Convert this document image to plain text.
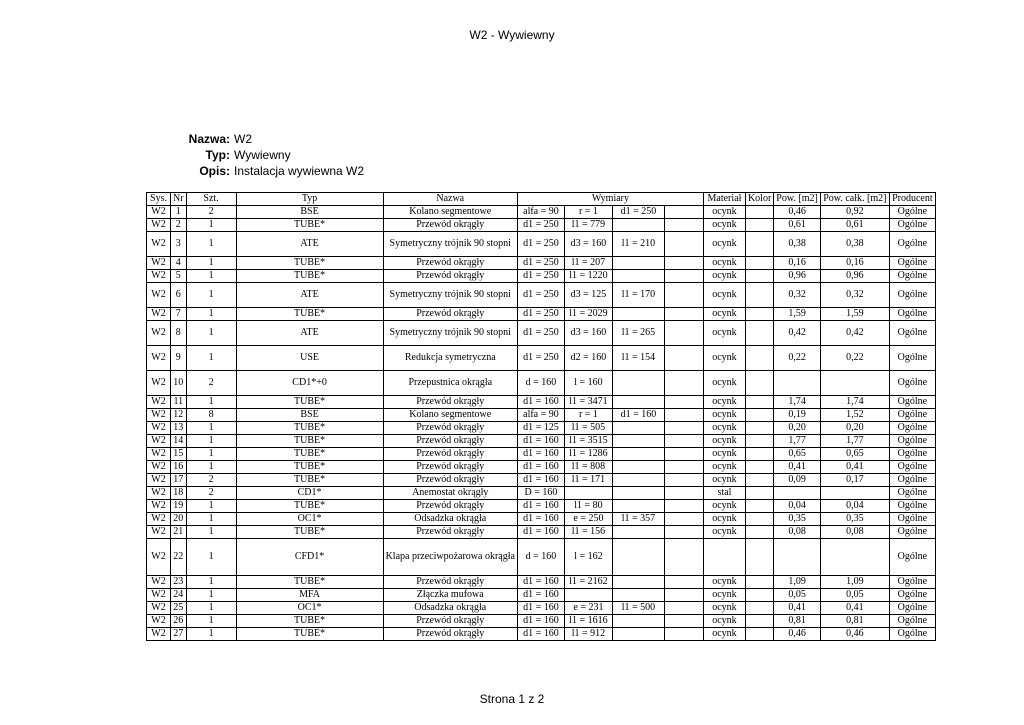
W2 - Wywiewny
Nazwa: W2
Typ: Wywiewny
Opis: Instalacja wywiewna W2
Sys.	Nr	Szt.	Typ	Nazwa	Wymiary	Materiał	Kolor	Pow. [m2]	Pow. całk. [m2]	Producent
W2	1	2	BSE	Kolano segmentowe	alfa = 90 r = 1 d1 = 250	ocynk		0,46	0,92	Ogólne
W2	2	1	TUBE*	Przewód okrągły	d1 = 250 l1 = 779	ocynk		0,61	0,61	Ogólne
W2	3	1	ATE	Symetryczny trójnik 90 stopni	d1 = 250 d3 = 160 l1 = 210	ocynk		0,38	0,38	Ogólne
W2	4	1	TUBE*	Przewód okrągły	d1 = 250 l1 = 207	ocynk		0,16	0,16	Ogólne
W2	5	1	TUBE*	Przewód okrągły	d1 = 250 l1 = 1220	ocynk		0,96	0,96	Ogólne
W2	6	1	ATE	Symetryczny trójnik 90 stopni	d1 = 250 d3 = 125 l1 = 170	ocynk		0,32	0,32	Ogólne
W2	7	1	TUBE*	Przewód okrągły	d1 = 250 l1 = 2029	ocynk		1,59	1,59	Ogólne
W2	8	1	ATE	Symetryczny trójnik 90 stopni	d1 = 250 d3 = 160 l1 = 265	ocynk		0,42	0,42	Ogólne
W2	9	1	USE	Redukcja symetryczna	d1 = 250 d2 = 160 l1 = 154	ocynk		0,22	0,22	Ogólne
W2	10	2	CD1*+0	Przepustnica okrągła	d = 160 l = 160	ocynk				Ogólne
W2	11	1	TUBE*	Przewód okrągły	d1 = 160 l1 = 3471	ocynk		1,74	1,74	Ogólne
W2	12	8	BSE	Kolano segmentowe	alfa = 90 r = 1 d1 = 160	ocynk		0,19	1,52	Ogólne
W2	13	1	TUBE*	Przewód okrągły	d1 = 125 l1 = 505	ocynk		0,20	0,20	Ogólne
W2	14	1	TUBE*	Przewód okrągły	d1 = 160 l1 = 3515	ocynk		1,77	1,77	Ogólne
W2	15	1	TUBE*	Przewód okrągły	d1 = 160 l1 = 1286	ocynk		0,65	0,65	Ogólne
W2	16	1	TUBE*	Przewód okrągły	d1 = 160 l1 = 808	ocynk		0,41	0,41	Ogólne
W2	17	2	TUBE*	Przewód okrągły	d1 = 160 l1 = 171	ocynk		0,09	0,17	Ogólne
W2	18	2	CD1*	Anemostat okrągły	D = 160	stal				Ogólne
W2	19	1	TUBE*	Przewód okrągły	d1 = 160 l1 = 80	ocynk		0,04	0,04	Ogólne
W2	20	1	OC1*	Odsadzka okrągła	d1 = 160 e = 250 l1 = 357	ocynk		0,35	0,35	Ogólne
W2	21	1	TUBE*	Przewód okrągły	d1 = 160 l1 = 156	ocynk		0,08	0,08	Ogólne
W2	22	1	CFD1*	Klapa przeciwpożarowa okrągła	d = 160 l = 162					Ogólne
W2	23	1	TUBE*	Przewód okrągły	d1 = 160 l1 = 2162	ocynk		1,09	1,09	Ogólne
W2	24	1	MFA	Złączka mufowa	d1 = 160	ocynk		0,05	0,05	Ogólne
W2	25	1	OC1*	Odsadzka okrągła	d1 = 160 e = 231 l1 = 500	ocynk		0,41	0,41	Ogólne
W2	26	1	TUBE*	Przewód okrągły	d1 = 160 l1 = 1616	ocynk		0,81	0,81	Ogólne
W2	27	1	TUBE*	Przewód okrągły	d1 = 160 l1 = 912	ocynk		0,46	0,46	Ogólne
Strona 1 z 2
